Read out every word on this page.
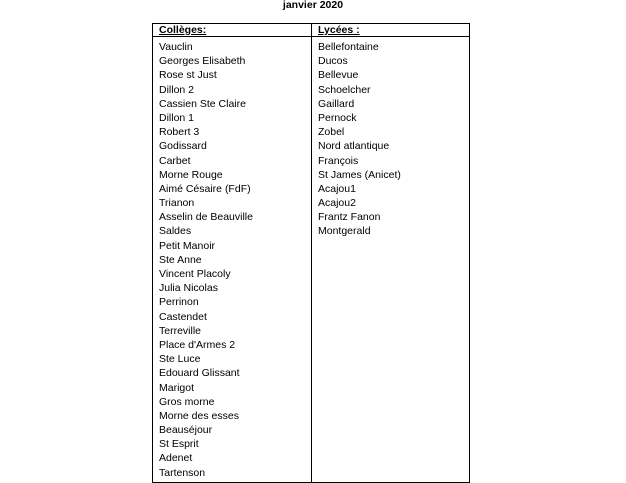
janvier 2020
Collèges:
Vauclin
Georges Elisabeth
Rose st Just
Dillon 2
Cassien Ste Claire
Dillon 1
Robert 3
Godissard
Carbet
Morne Rouge
Aimé Césaire (FdF)
Trianon
Asselin de Beauville
Saldes
Petit Manoir
Ste Anne
Vincent Placoly
Julia Nicolas
Perrinon
Castendet
Terreville
Place d'Armes 2
Ste Luce
Edouard Glissant
Marigot
Gros morne
Morne des esses
Beauséjour
St Esprit
Adenet
Tartenson
Lycées :
Bellefontaine
Ducos
Bellevue
Schoelcher
Gaillard
Pernock
Zobel
Nord atlantique
François
St James (Anicet)
Acajou1
Acajou2
Frantz Fanon
Montgerald
